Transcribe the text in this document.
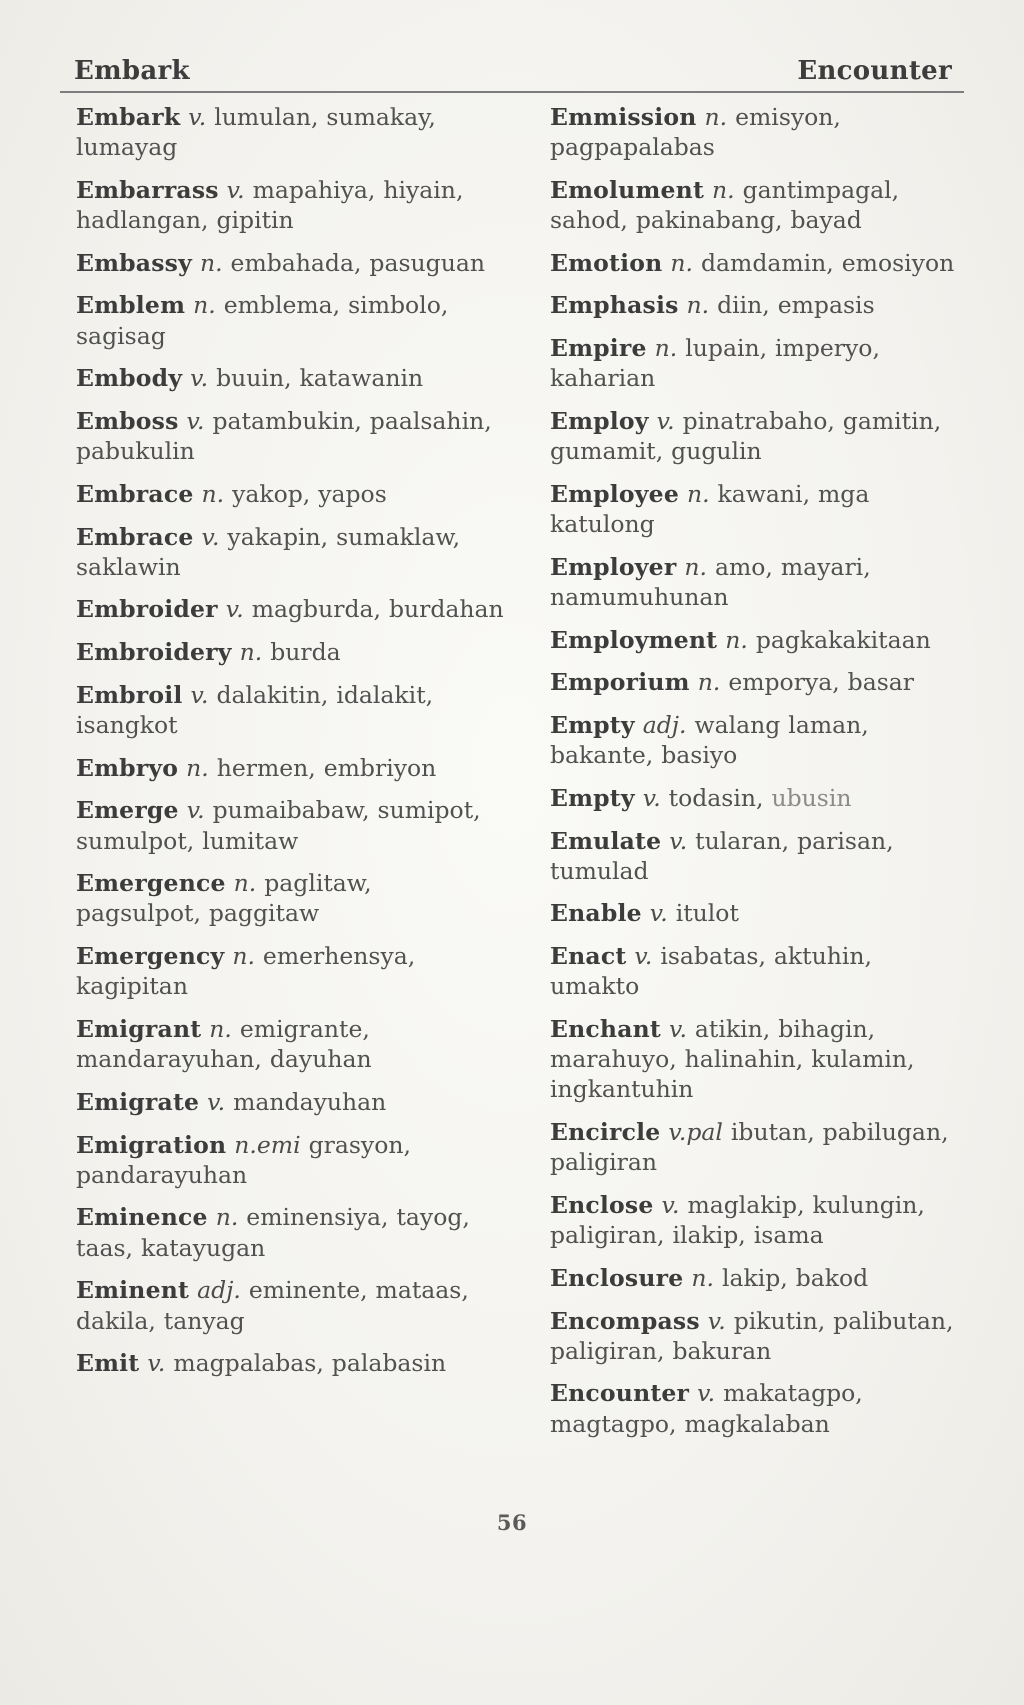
Embark	Encounter
Embark v. lumulan, sumakay, lumayag
Embarrass v. mapahiya, hiyain, hadlangan, gipitin
Embassy n. embahada, pasuguan
Emblem n. emblema, simbolo, sagisag
Embody v. buuin, katawanin
Emboss v. patambukin, paalsahin, pabukulin
Embrace n. yakop, yapos
Embrace v. yakapin, sumaklaw, saklawin
Embroider v. magburda, burdahan
Embroidery n. burda
Embroil v. dalakitin, idalakit, isangkot
Embryo n. hermen, embriyon
Emerge v. pumaibabaw, sumipot, sumulpot, lumitaw
Emergence n. paglitaw, pagsulpot, paggitaw
Emergency n. emerhensya, kagipitan
Emigrant n. emigrante, mandarayuhan, dayuhan
Emigrate v. mandayuhan
Emigration n.emi grasyon, pandarayuhan
Eminence n. eminensiya, tayog, taas, katayugan
Eminent adj. eminente, mataas, dakila, tanyag
Emit v. magpalabas, palabasin
Emmission n. emisyon, pagpapalabas
Emolument n. gantimpagal, sahod, pakinabang, bayad
Emotion n. damdamin, emosiyon
Emphasis n. diin, empasis
Empire n. lupain, imperyo, kaharian
Employ v. pinatrabaho, gamitin, gumamit, gugulin
Employee n. kawani, mga katulong
Employer n. amo, mayari, namumuhunan
Employment n. pagkakakitaan
Emporium n. emporya, basar
Empty adj. walang laman, bakante, basiyo
Empty v. todasin, ubusin
Emulate v. tularan, parisan, tumulad
Enable v. itulot
Enact v. isabatas, aktuhin, umakto
Enchant v. atikin, bihagin, marahuyo, halinahin, kulamin, ingkantuhin
Encircle v.pal ibutan, pabilugan, paligiran
Enclose v. maglakip, kulungin, paligiran, ilakip, isama
Enclosure n. lakip, bakod
Encompass v. pikutin, palibutan, paligiran, bakuran
Encounter v. makatagpo, magtagpo, magkalaban
56
